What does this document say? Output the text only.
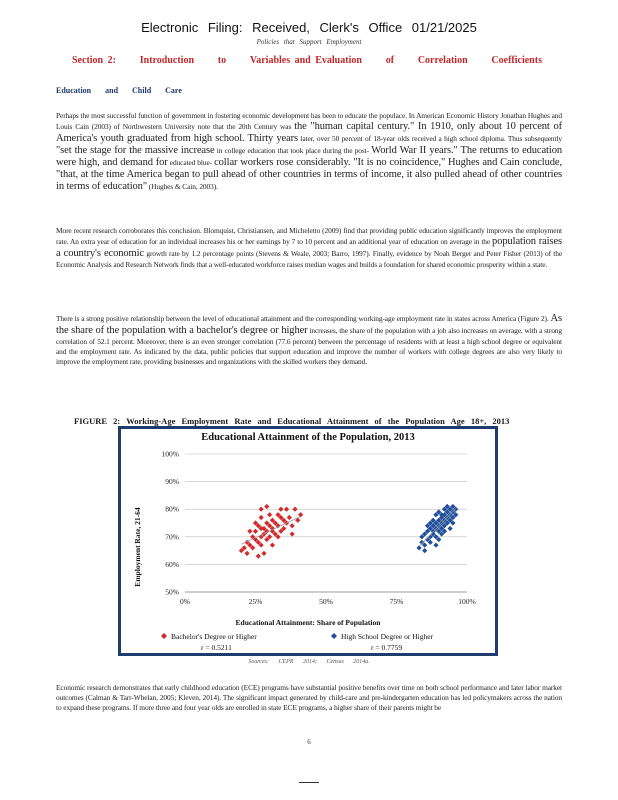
Electronic Filing: Received, Clerk's Office 01/21/2025
Policies that Support Employment
Section 2: Introduction to Variables and Evaluation of Correlation Coefficients
Education and Child Care
Perhaps the most successful function of government in fostering economic development has been to educate the populace. In American Economic History Jonathan Hughes and Louis Cain (2003) of Northwestern University note that the 20th Century was the "human capital century." In 1910, only about 10 percent of America's youth graduated from high school. Thirty years later, over 50 percent of 18-year olds received a high school diploma. Thus subsequently "set the stage for the massive increase in college education that took place during the post- World War II years." The returns to education were high, and demand for educated blue- collar workers rose considerably. "It is no coincidence," Hughes and Cain conclude, "that, at the time America began to pull ahead of other countries in terms of income, it also pulled ahead of other countries in terms of education" (Hughes & Cain, 2003).
More recent research corroborates this conclusion. Blomquist, Christiansen, and Micheletto (2009) find that providing public education significantly improves the employment rate. An extra year of education for an individual increases his or her earnings by 7 to 10 percent and an additional year of education on average in the population raises a country's economic growth rate by 1.2 percentage points (Stevens & Weale, 2003; Barro, 1997). Finally, evidence by Noah Berger and Peter Fisher (2013) of the Economic Analysis and Research Network finds that a well-educated workforce raises median wages and builds a foundation for shared economic prosperity within a state.
There is a strong positive relationship between the level of educational attainment and the corresponding working-age employment rate in states across America (Figure 2). As the share of the population with a bachelor's degree or higher increases, the share of the population with a job also increases on average, with a strong correlation of 52.1 percent. Moreover, there is an even stronger correlation (77.6 percent) between the percentage of residents with at least a high school degree or equivalent and the employment rate. As indicated by the data, public policies that support education and improve the number of workers with college degrees are also very likely to improve the employment rate, providing businesses and organizations with the skilled workers they demand.
FIGURE 2: Working-Age Employment Rate and Educational Attainment of the Population Age 18+, 2013
Educational Attainment of the Population, 2013
50%
60%
70%
80%
90%
100%
0%	25%	50%	75%	100%
Educational Attainment: Share of Population
Employment Rate, 21-64
Bachelor's Degree or Higher
r = 0.5211
High School Degree or Higher
r = 0.7759
Sources: CEPR 2014; Census 2014a.
Economic research demonstrates that early childhood education (ECE) programs have substantial positive benefits over time on both school performance and later labor market outcomes (Calman & Tarr-Whelan, 2005; Kleven, 2014). The significant impact generated by child-care and pre-kindergarten education has led policymakers across the nation to expand these programs. If more three and four year olds are enrolled in state ECE programs, a higher share of their parents might be
6
